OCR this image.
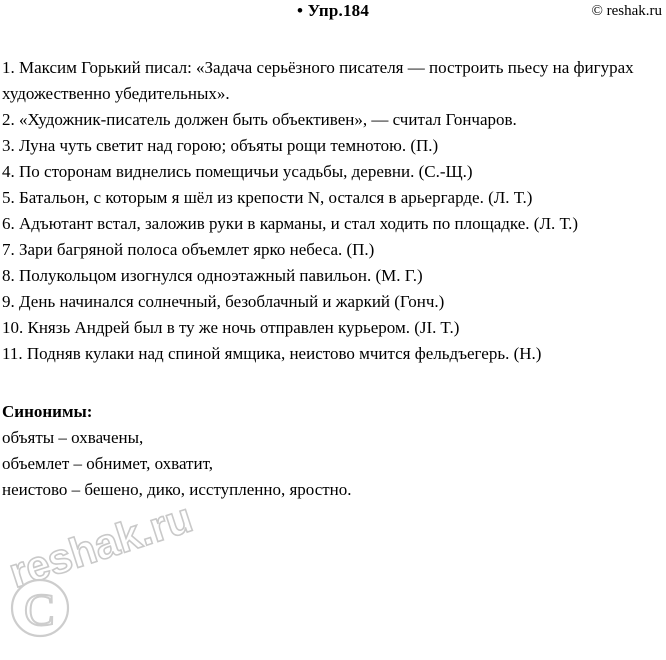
• Упр.184	© reshak.ru
reshak.ru
C

1. Максим Горький писал: «Задача серьёзного писателя — построить пьесу на фигурах художественно убедительных».

2. «Художник-писатель должен быть объективен», — считал Гончаров.

3. Луна чуть светит над горою; объяты рощи темнотою. (П.)

4. По сторонам виднелись помещичьи усадьбы, деревни. (С.-Щ.)

5. Батальон, с которым я шёл из крепости N, остался в арьергарде. (Л. Т.)

6. Адъютант встал, заложив руки в карманы, и стал ходить по площадке. (Л. Т.)

7. Зари багряной полоса объемлет ярко небеса. (П.)

8. Полукольцом изогнулся одноэтажный павильон. (М. Г.)

9. День начинался солнечный, безоблачный и жаркий (Гонч.)

10. Князь Андрей был в ту же ночь отправлен курьером. (JI. T.)

11. Подняв кулаки над спиной ямщика, неистово мчится фельдъегерь. (Н.)

Синонимы:

объяты – охвачены,

объемлет – обнимет, охватит,

неистово – бешено, дико, исступленно, яростно.
